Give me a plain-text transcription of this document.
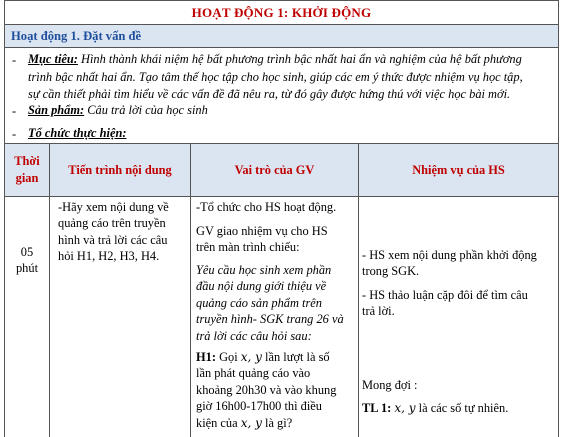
HOẠT ĐỘNG 1: KHỞI ĐỘNG
Hoạt động 1. Đặt vấn đề
- Mục tiêu: Hình thành khái niệm hệ bất phương trình bậc nhất hai ẩn và nghiệm của hệ bất phương
trình bậc nhất hai ẩn. Tạo tâm thế học tập cho học sinh, giúp các em ý thức được nhiệm vụ học tập,
sự cần thiết phải tìm hiểu về các vấn đề đã nêu ra, từ đó gây được hứng thú với việc học bài mới.
- Sản phẩm: Câu trả lời của học sinh
- Tổ chức thực hiện:
Thời gian
Tiến trình nội dung	Vai trò của GV	Nhiệm vụ của HS
05
phút
-Hãy xem nội dung về
quảng cáo trên truyền
hình và trả lời các câu
hỏi H1, H2, H3, H4.
-Tổ chức cho HS hoạt động.
GV giao nhiệm vụ cho HS
trên màn trình chiếu:
Yêu cầu học sinh xem phần
đầu nội dung giới thiệu về
quảng cáo sản phẩm trên
truyền hình- SGK trang 26 và
trả lời các câu hỏi sau:
H1: Gọi x, y lần lượt là số
lần phát quảng cáo vào
khoảng 20h30 và vào khung
giờ 16h00-17h00 thì điều
kiện của x, y là gì?
- HS xem nội dung phần khởi động
trong SGK.
- HS thảo luận cặp đôi để tìm câu
trả lời.
Mong đợi :
TL 1: x, y là các số tự nhiên.
